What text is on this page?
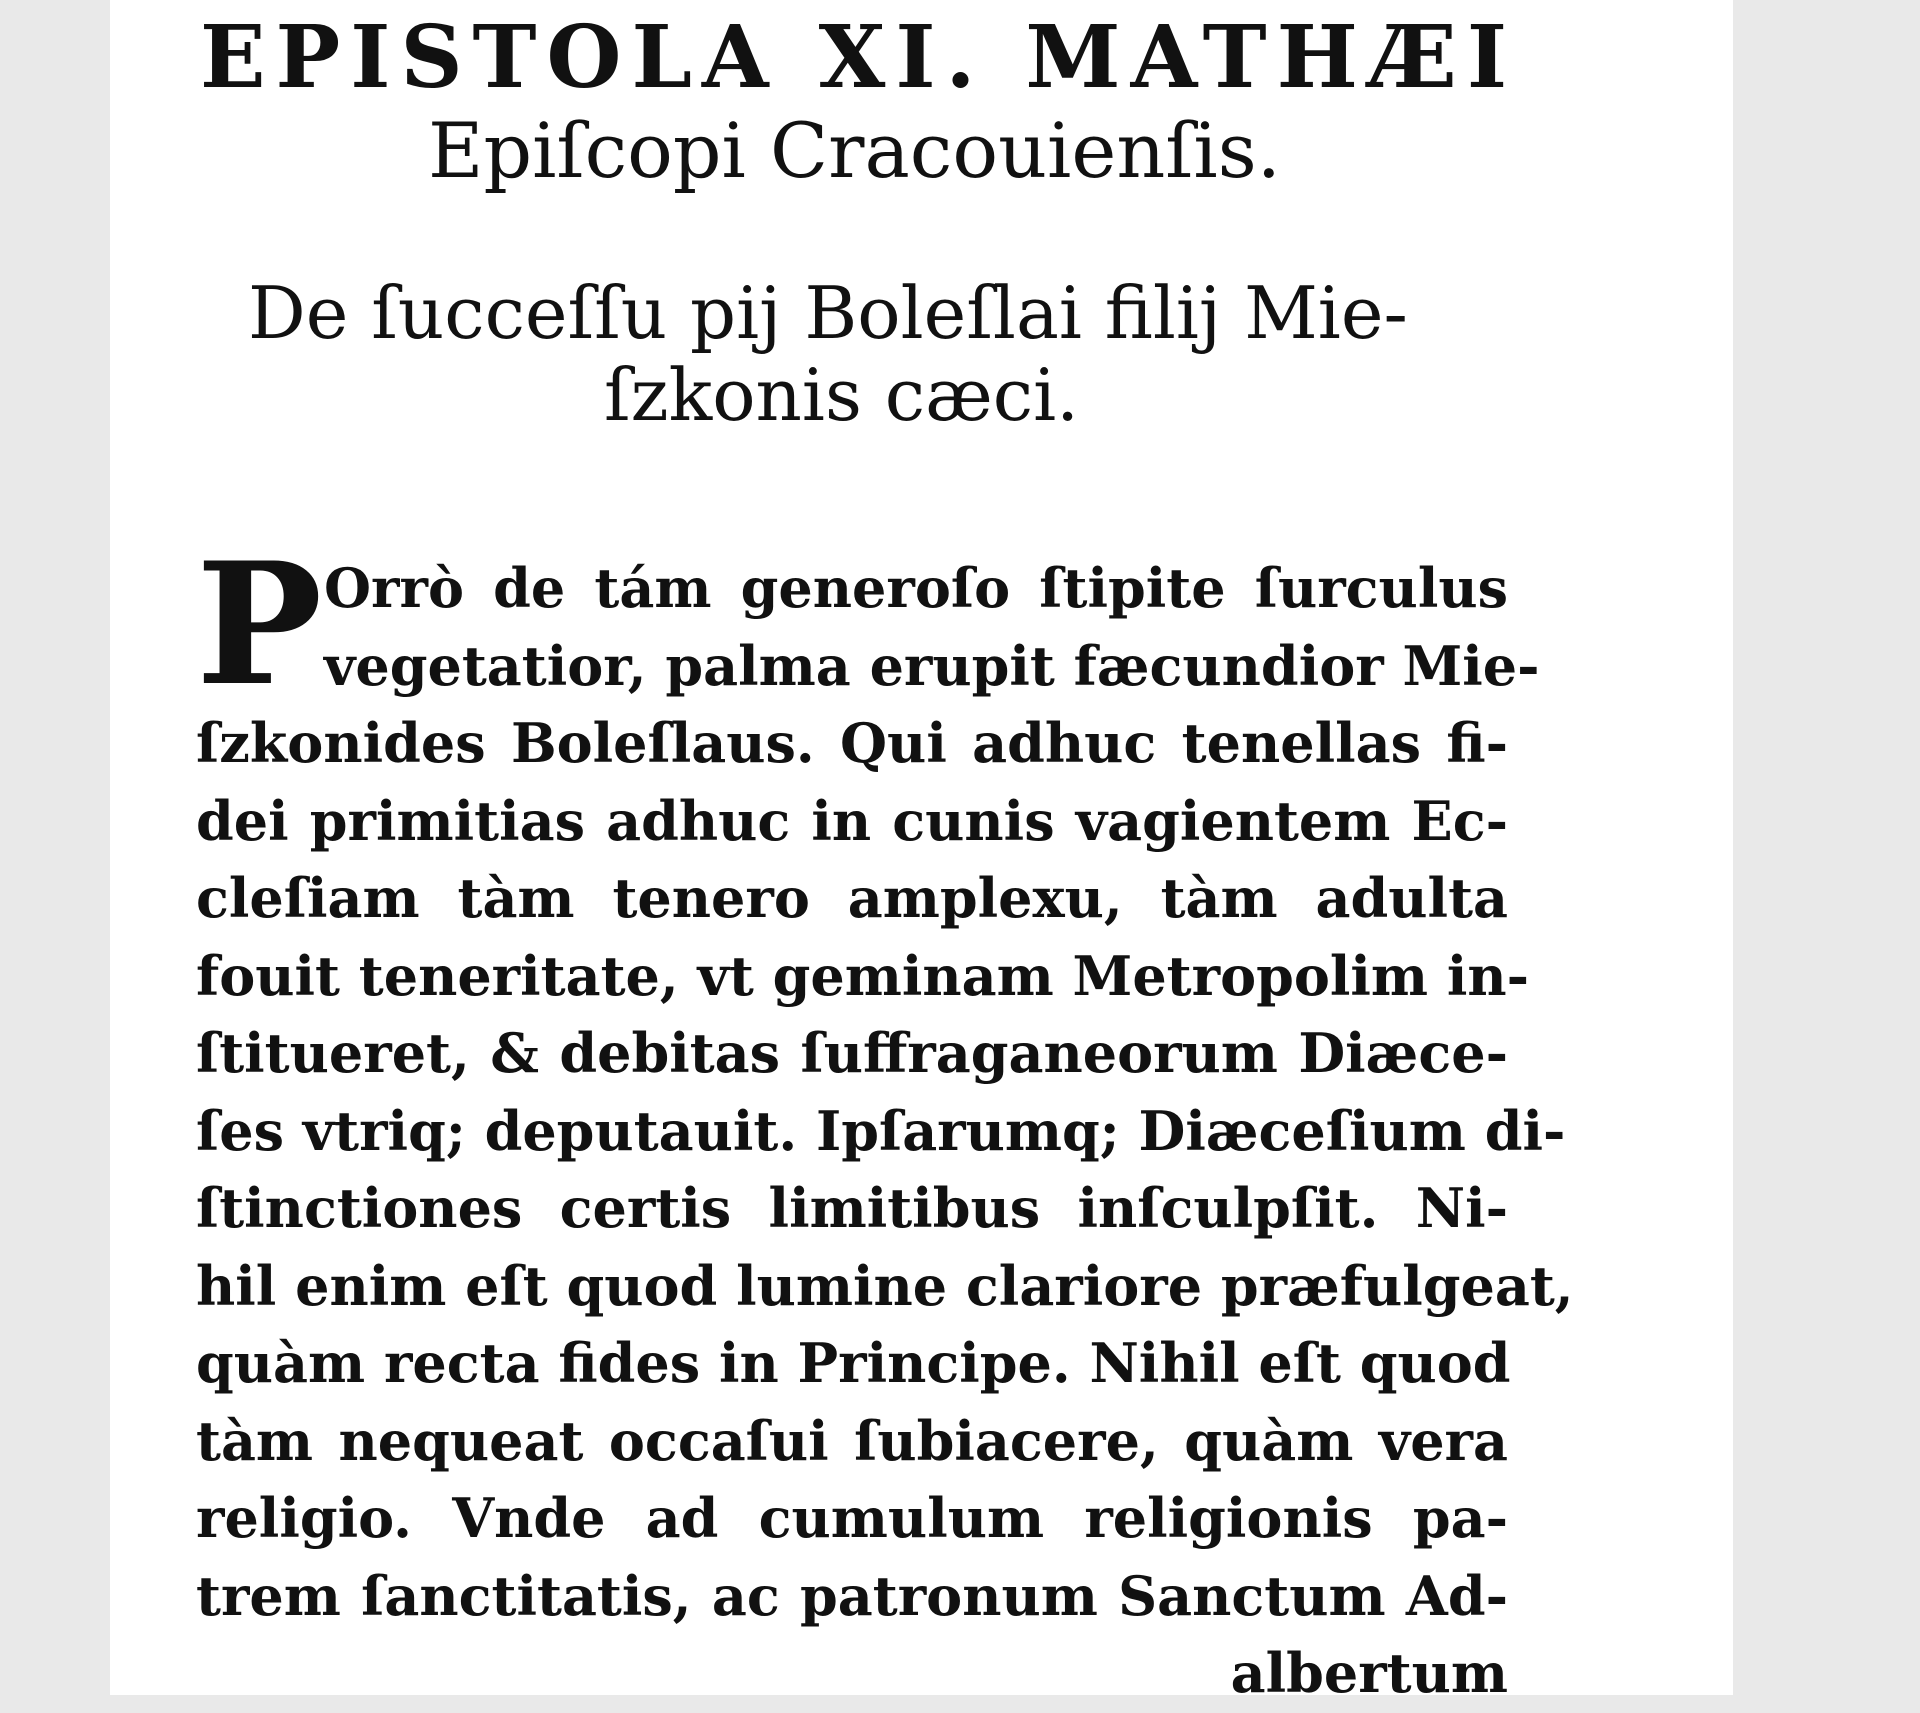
EPISTOLA XI. MATHÆI
Epiſcopi Cracouienſis.
De ſucceſſu pij Boleſlai filij Mie-
ſzkonis cæci.
P Orrò de tám generoſo ſtipite ſurculus
vegetatior, palma erupit fæcundior Mie-
ſzkonides Boleſlaus. Qui adhuc tenellas fi-
dei primitias adhuc in cunis vagientem Ec-
cleſiam tàm tenero amplexu, tàm adulta
fouit teneritate, vt geminam Metropolim in-
ſtitueret, & debitas ſuffraganeorum Diæce-
ſes vtriq; deputauit. Ipſarumq; Diæceſium di-
ſtinctiones certis limitibus inſculpſit. Ni-
hil enim eſt quod lumine clariore præfulgeat,
quàm recta fides in Principe. Nihil eſt quod
tàm nequeat occaſui ſubiacere, quàm vera
religio. Vnde ad cumulum religionis pa-
trem ſanctitatis, ac patronum Sanctum Ad-
albertum
